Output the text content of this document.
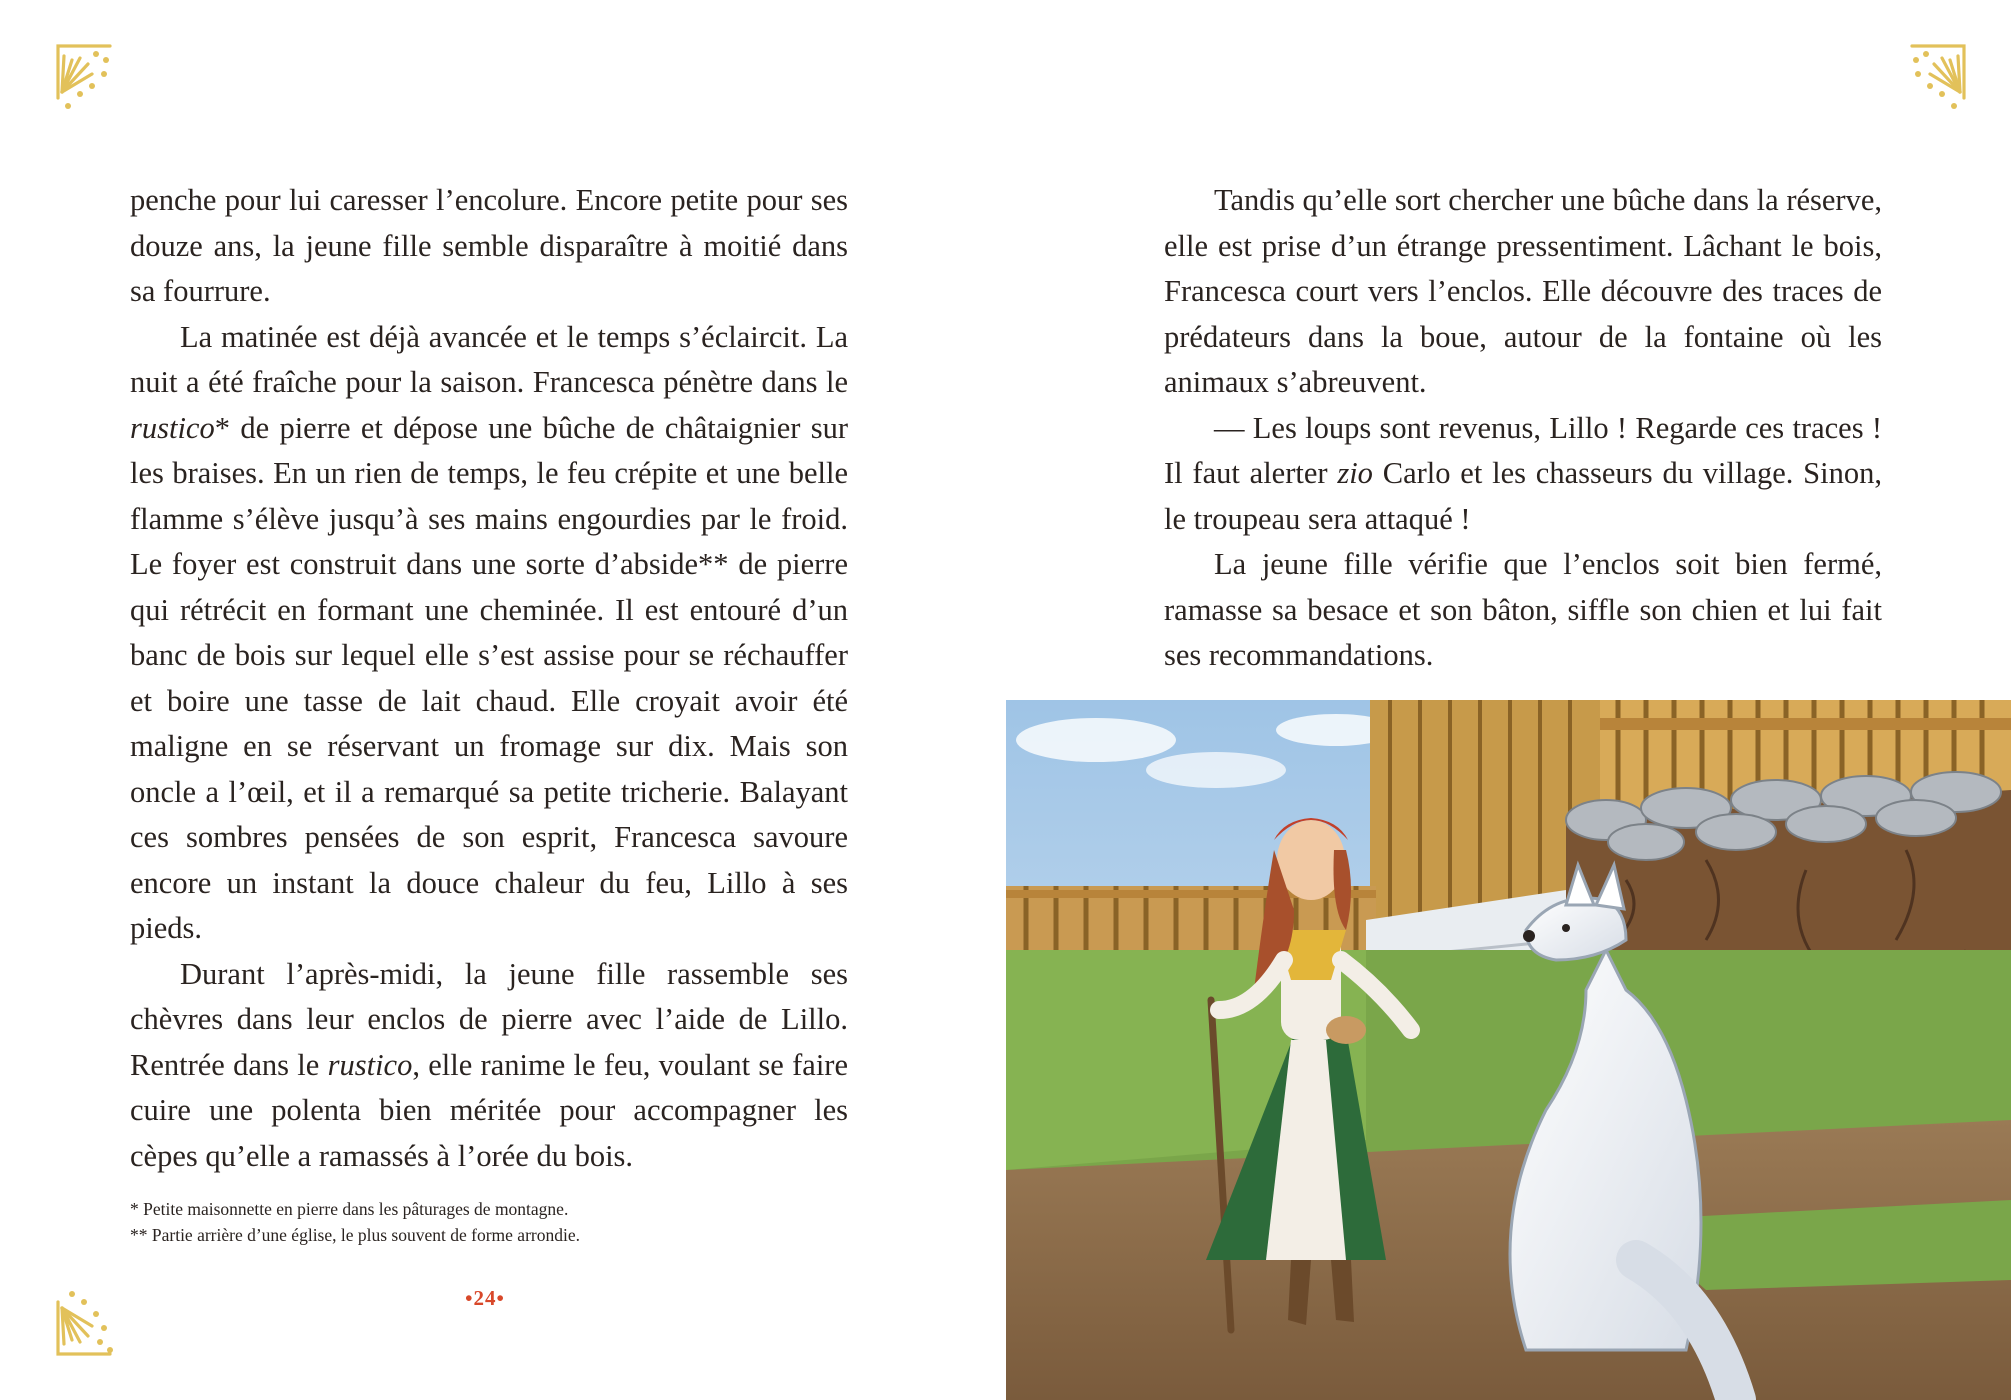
penche pour lui caresser l’encolure. Encore petite pour ses douze ans, la jeune fille semble disparaître à moitié dans sa fourrure.

La matinée est déjà avancée et le temps s’éclaircit. La nuit a été fraîche pour la saison. Francesca pénètre dans le rustico* de pierre et dépose une bûche de châtaignier sur les braises. En un rien de temps, le feu crépite et une belle flamme s’élève jusqu’à ses mains engourdies par le froid. Le foyer est construit dans une sorte d’abside** de pierre qui rétrécit en formant une cheminée. Il est entouré d’un banc de bois sur lequel elle s’est assise pour se réchauffer et boire une tasse de lait chaud. Elle croyait avoir été maligne en se réservant un fromage sur dix. Mais son oncle a l’œil, et il a remarqué sa petite tricherie. Balayant ces sombres pensées de son esprit, Francesca savoure encore un instant la douce chaleur du feu, Lillo à ses pieds.

Durant l’après-midi, la jeune fille rassemble ses chèvres dans leur enclos de pierre avec l’aide de Lillo. Rentrée dans le rustico, elle ranime le feu, voulant se faire cuire une polenta bien méritée pour accompagner les cèpes qu’elle a ramassés à l’orée du bois.

* Petite maisonnette en pierre dans les pâturages de montagne.

** Partie arrière d’une église, le plus souvent de forme arrondie.

•24•

Tandis qu’elle sort chercher une bûche dans la réserve, elle est prise d’un étrange pressentiment. Lâchant le bois, Francesca court vers l’enclos. Elle découvre des traces de prédateurs dans la boue, autour de la fontaine où les animaux s’abreuvent.

— Les loups sont revenus, Lillo ! Regarde ces traces ! Il faut alerter zio Carlo et les chasseurs du village. Sinon, le troupeau sera attaqué !

La jeune fille vérifie que l’enclos soit bien fermé, ramasse sa besace et son bâton, siffle son chien et lui fait ses recommandations.
